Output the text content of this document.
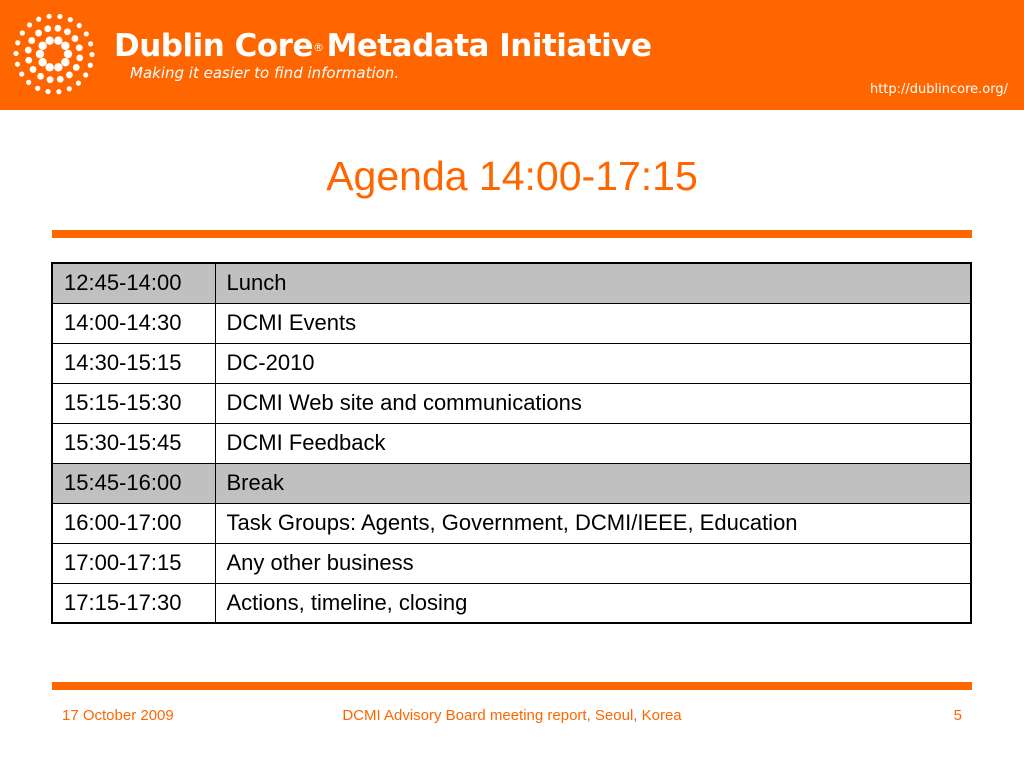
Dublin Core®Metadata Initiative
Making it easier to find information.
http://dublincore.org/
Agenda 14:00-17:15
12:45-14:00	Lunch
14:00-14:30	DCMI Events
14:30-15:15	DC-2010
15:15-15:30	DCMI Web site and communications
15:30-15:45	DCMI Feedback
15:45-16:00	Break
16:00-17:00	Task Groups: Agents, Government, DCMI/IEEE, Education
17:00-17:15	Any other business
17:15-17:30	Actions, timeline, closing
17 October 2009	DCMI Advisory Board meeting report, Seoul, Korea	5
